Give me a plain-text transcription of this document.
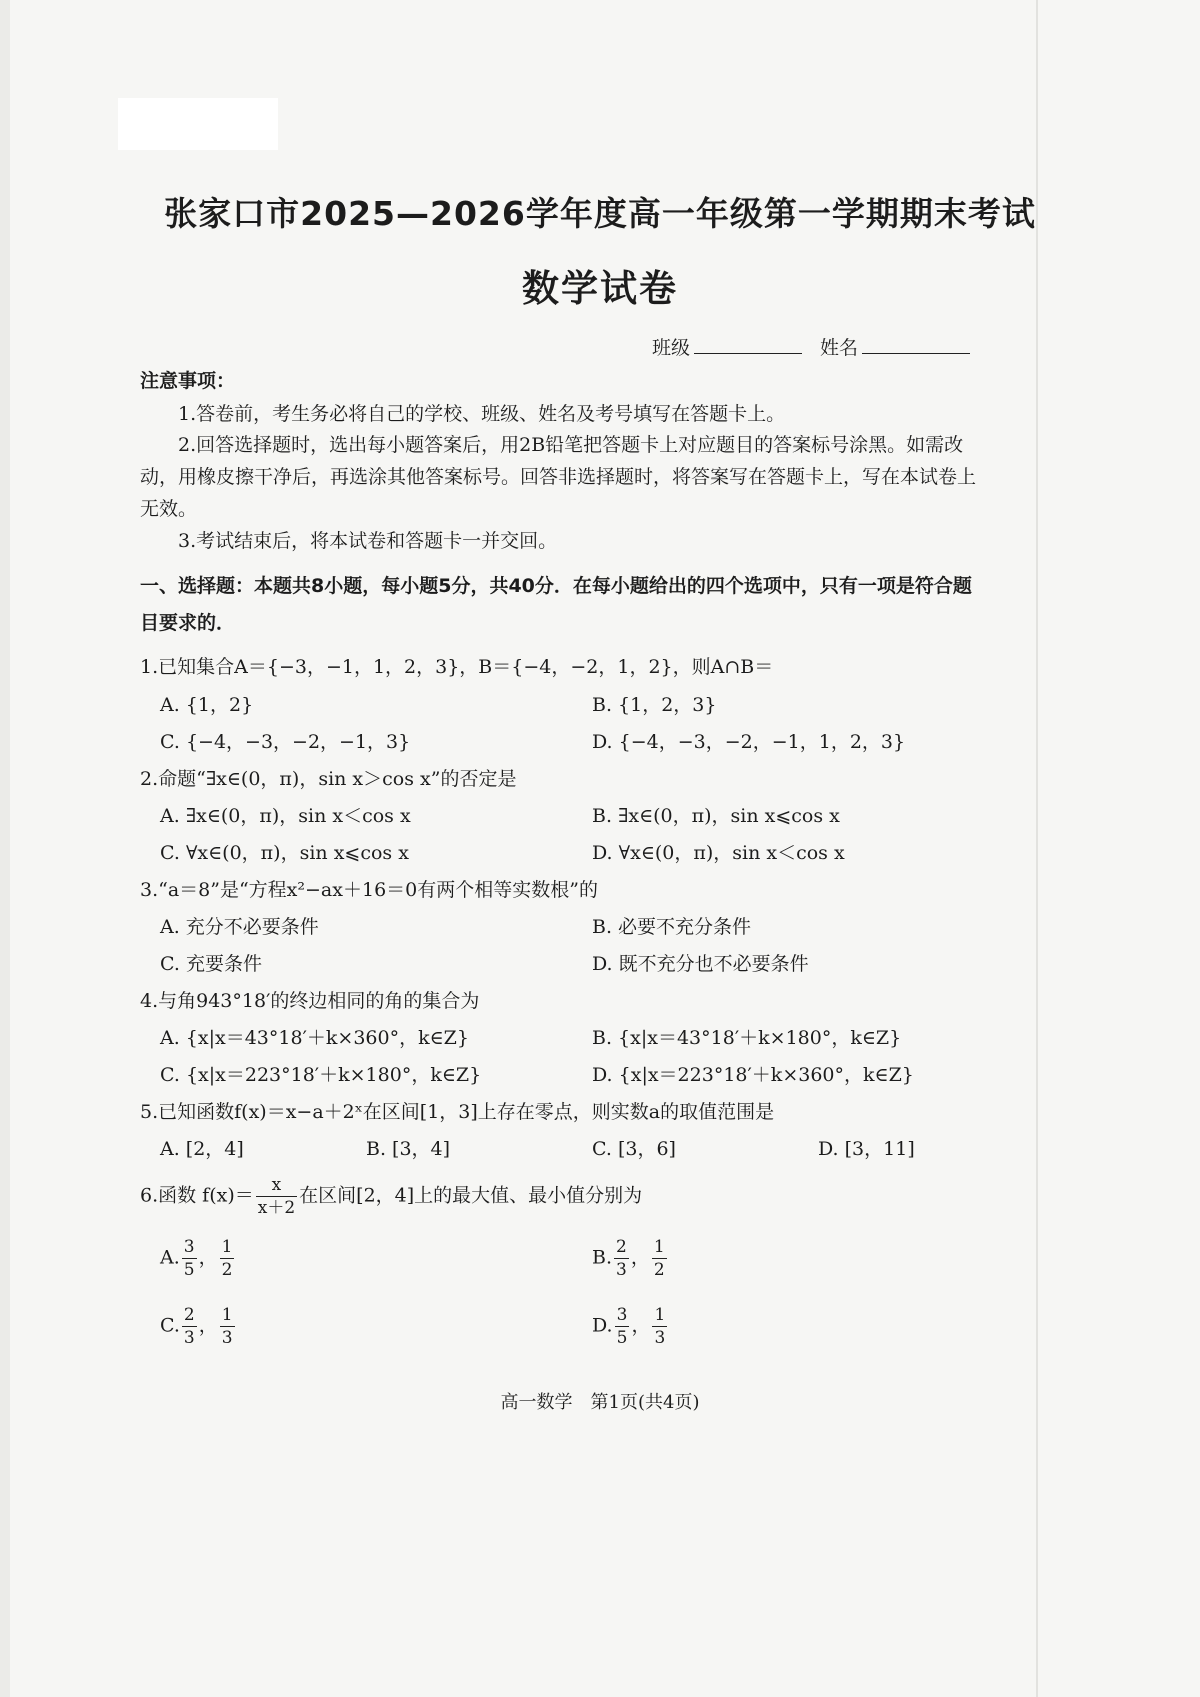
张家口市2025—2026学年度高一年级第一学期期末考试
数学试卷
班级	姓名
注意事项：
1.答卷前，考生务必将自己的学校、班级、姓名及考号填写在答题卡上。
2.回答选择题时，选出每小题答案后，用2B铅笔把答题卡上对应题目的答案标号涂黑。如需改动，用橡皮擦干净后，再选涂其他答案标号。回答非选择题时，将答案写在答题卡上，写在本试卷上无效。
3.考试结束后，将本试卷和答题卡一并交回。
一、选择题：本题共8小题，每小题5分，共40分．在每小题给出的四个选项中，只有一项是符合题目要求的．
1.已知集合A＝{−3，−1，1，2，3}，B＝{−4，−2，1，2}，则A∩B＝
A. {1，2}	B. {1，2，3}
C. {−4，−3，−2，−1，3}	D. {−4，−3，−2，−1，1，2，3}
2.命题“∃x∈(0，π)，sin x＞cos x”的否定是
A. ∃x∈(0，π)，sin x＜cos x	B. ∃x∈(0，π)，sin x⩽cos x
C. ∀x∈(0，π)，sin x⩽cos x	D. ∀x∈(0，π)，sin x＜cos x
3.“a＝8”是“方程x²−ax＋16＝0有两个相等实数根”的
A. 充分不必要条件	B. 必要不充分条件
C. 充要条件	D. 既不充分也不必要条件
4.与角943°18′的终边相同的角的集合为
A. {x|x＝43°18′＋k×360°，k∈Z}	B. {x|x＝43°18′＋k×180°，k∈Z}
C. {x|x＝223°18′＋k×180°，k∈Z}	D. {x|x＝223°18′＋k×360°，k∈Z}
5.已知函数f(x)＝x−a＋2ˣ在区间[1，3]上存在零点，则实数a的取值范围是
A. [2，4]	B. [3，4]	C. [3，6]	D. [3，11]
6.函数 $f(x)= \frac{x}{x+2}$ 在区间[2，4]上的最大值、最小值分别为
A. $\frac{3}{5}$ ， $\frac{1}{2}$	B. $\frac{2}{3}$ ， $\frac{1}{2}$
C. $\frac{2}{3}$ ， $\frac{1}{3}$	D. $\frac{3}{5}$ ， $\frac{1}{3}$
高一数学　第1页(共4页)
